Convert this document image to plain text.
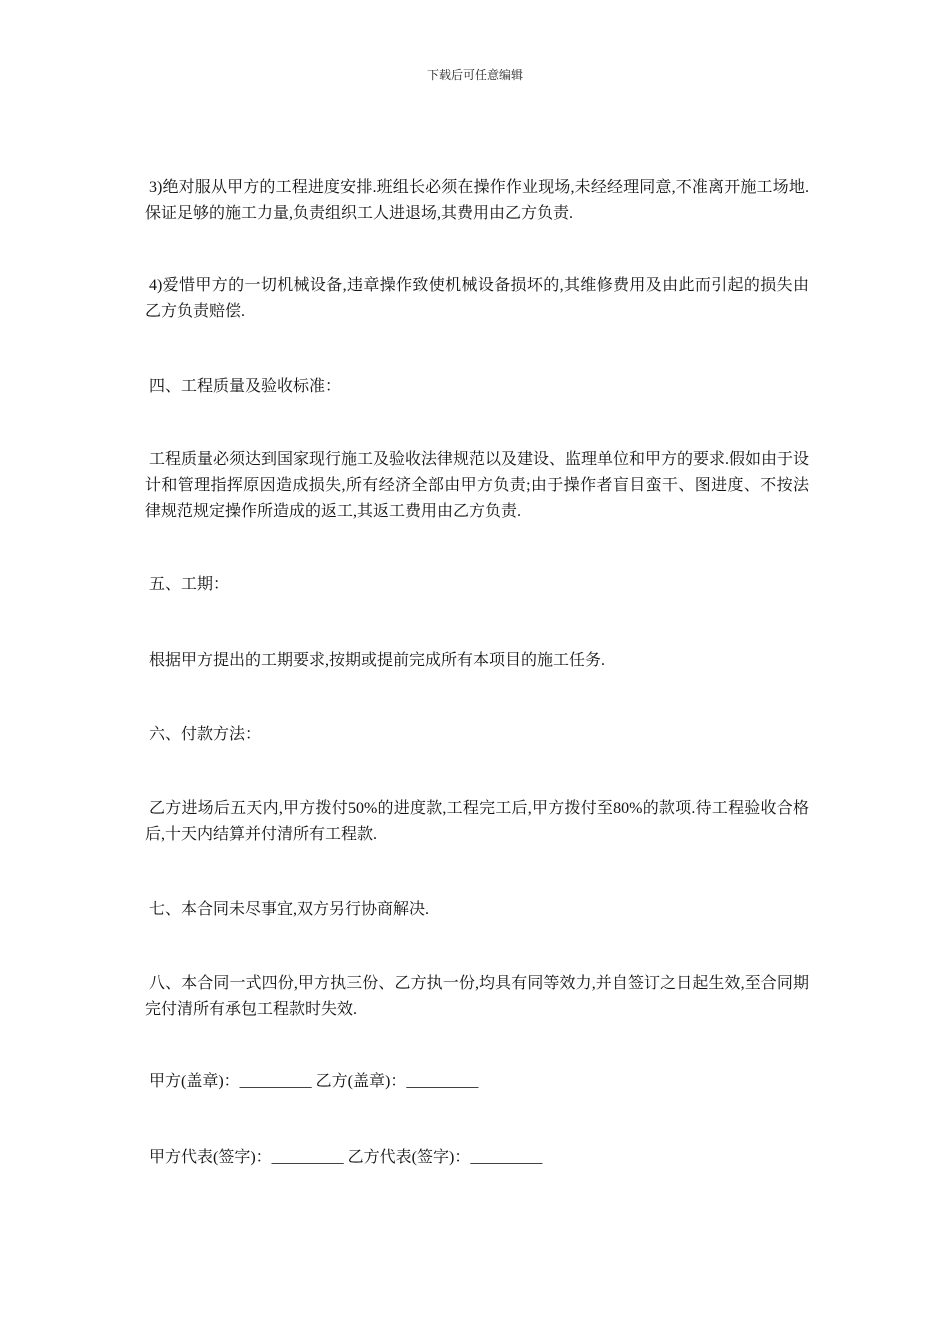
下载后可任意编辑

3)绝对服从甲方的工程进度安排.班组长必须在操作作业现场,未经经理同意,不准离开施工场地.保证足够的施工力量,负责组织工人进退场,其费用由乙方负责.

4)爱惜甲方的一切机械设备,违章操作致使机械设备损坏的,其维修费用及由此而引起的损失由乙方负责赔偿.

四、工程质量及验收标准：

工程质量必须达到国家现行施工及验收法律规范以及建设、监理单位和甲方的要求.假如由于设计和管理指挥原因造成损失,所有经济全部由甲方负责;由于操作者盲目蛮干、图进度、不按法律规范规定操作所造成的返工,其返工费用由乙方负责.

五、工期：

根据甲方提出的工期要求,按期或提前完成所有本项目的施工任务.

六、付款方法：

乙方进场后五天内,甲方拨付50%的进度款,工程完工后,甲方拨付至80%的款项.待工程验收合格后,十天内结算并付清所有工程款.

七、本合同未尽事宜,双方另行协商解决.

八、本合同一式四份,甲方执三份、乙方执一份,均具有同等效力,并自签订之日起生效,至合同期完付清所有承包工程款时失效.

甲方(盖章)：_________ 乙方(盖章)：_________
甲方代表(签字)：_________ 乙方代表(签字)：_________
